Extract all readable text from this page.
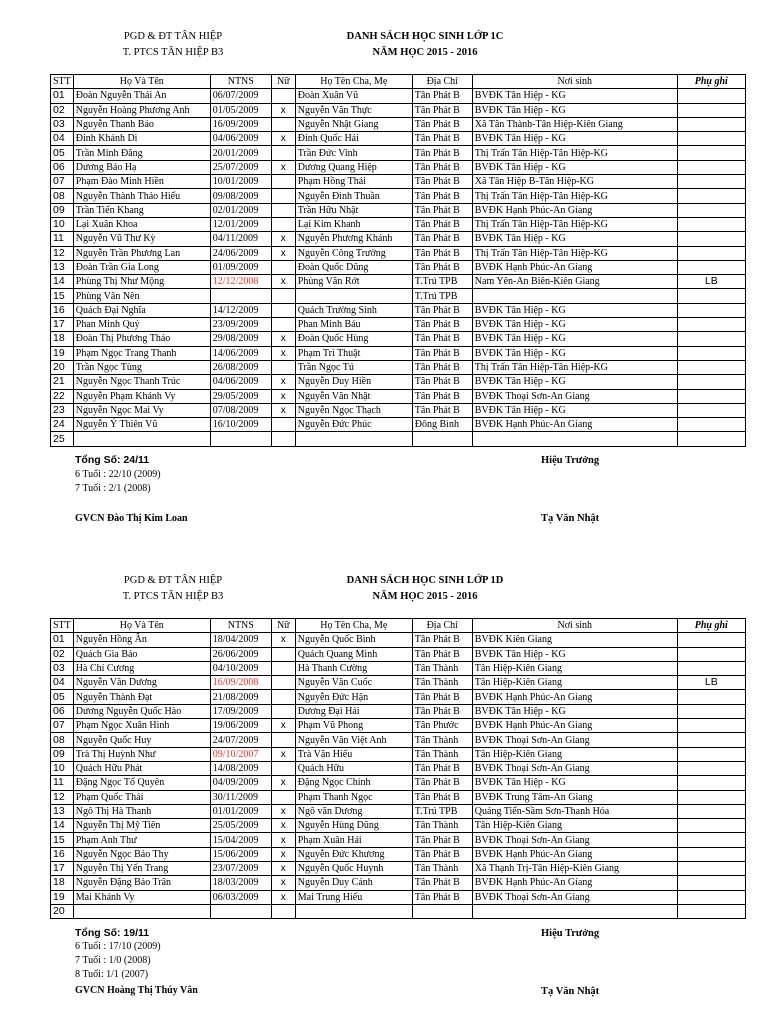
PGD & ĐT TÂN HIỆP
T. PTCS TÂN HIỆP B3
DANH SÁCH HỌC SINH LỚP 1C
NĂM HỌC 2015 - 2016
STT	Họ Và Tên	NTNS	Nữ	Họ Tên Cha, Mẹ	Địa Chỉ	Nơi sinh	Phụ ghi
01	Đoàn Nguyễn Thái An	06/07/2009		Đoàn Xuân Vũ	Tân Phát B	BVĐK Tân Hiệp - KG	
02	Nguyễn Hoàng Phương Anh	01/05/2009	x	Nguyễn Văn Thực	Tân Phát B	BVĐK Tân Hiệp - KG	
03	Nguyễn Thanh Bảo	16/09/2009		Nguyễn Nhật Giang	Tân Phát B	Xã Tân Thành-Tân Hiệp-Kiên Giang	
04	Đinh Khánh Di	04/06/2009	x	Đinh Quốc Hải	Tân Phát B	BVĐK Tân Hiệp - KG	
05	Trần Minh Đăng	20/01/2009		Trần Đức Vinh	Tân Phát B	Thị Trấn Tân Hiệp-Tân Hiệp-KG	
06	Dương Bảo Hạ	25/07/2009	x	Dương Quang Hiệp	Tân Phát B	BVĐK Tân Hiệp - KG	
07	Phạm Đào Minh Hiền	10/01/2009		Phạm Hồng Thái	Tân Phát B	Xã Tân Hiệp B-Tân Hiệp-KG	
08	Nguyễn Thành Thảo Hiếu	09/08/2009		Nguyễn Đình Thuần	Tân Phát B	Thị Trấn Tân Hiệp-Tân Hiệp-KG	
09	Trần Tiến Khang	02/01/2009		Trần Hữu Nhật	Tân Phát B	BVĐK Hạnh Phúc-An Giang	
10	Lại Xuân Khoa	12/01/2009		Lại Kim Khanh	Tân Phát B	Thị Trấn Tân Hiệp-Tân Hiệp-KG	
11	Nguyễn Vũ Thư Kỳ	04/11/2009	x	Nguyễn Phương Khánh	Tân Phát B	BVĐK Tân Hiệp - KG	
12	Nguyễn Trần Phương Lan	24/06/2009	x	Nguyễn Công Trường	Tân Phát B	Thị Trấn Tân Hiệp-Tân Hiệp-KG	
13	Đoàn Trần Gia Long	01/09/2009		Đoàn Quốc Dũng	Tân Phát B	BVĐK Hạnh Phúc-An Giang	
14	Phùng Thị Như Mộng	12/12/2008	x	Phùng Văn Rớt	T.Trú TPB	Nam Yên-An Biên-Kiên Giang	LB
15	Phùng Văn Nên				T.Trú TPB		
16	Quách Đại Nghĩa	14/12/2009		Quách Trường Sinh	Tân Phát B	BVĐK Tân Hiệp - KG	
17	Phan Minh Quý	23/09/2009		Phan Minh Báu	Tân Phát B	BVĐK Tân Hiệp - KG	
18	Đoàn Thị Phương Thảo	29/08/2009	x	Đoàn Quốc Hùng	Tân Phát B	BVĐK Tân Hiệp - KG	
19	Phạm Ngọc Trang Thanh	14/06/2009	x	Phạm Trí Thuật	Tân Phát B	BVĐK Tân Hiệp - KG	
20	Trần Ngọc Tùng	26/08/2009		Trần Ngọc Tú	Tân Phát B	Thị Trấn Tân Hiệp-Tân Hiệp-KG	
21	Nguyễn Ngọc Thanh Trúc	04/06/2009	x	Nguyễn Duy Hiền	Tân Phát B	BVĐK Tân Hiệp - KG	
22	Nguyễn Phạm Khánh Vy	29/05/2009	x	Nguyễn Văn Nhật	Tân Phát B	BVĐK Thoại Sơn-An Giang	
23	Nguyễn Ngọc Mai Vy	07/08/2009	x	Nguyễn Ngọc Thạch	Tân Phát B	BVĐK Tân Hiệp - KG	
24	Nguyễn Ý Thiên Vũ	16/10/2009		Nguyễn Đức Phúc	Đông Bình	BVĐK Hạnh Phúc-An Giang	
25							
Tổng Số: 24/11
6 Tuổi : 22/10 (2009)
7 Tuổi : 2/1 (2008)
GVCN Đào Thị Kim Loan
Hiệu Trưởng
Tạ Văn Nhật
PGD & ĐT TÂN HIỆP
T. PTCS TÂN HIỆP B3
DANH SÁCH HỌC SINH LỚP 1D
NĂM HỌC 2015 - 2016
STT	Họ Và Tên	NTNS	Nữ	Họ Tên Cha, Mẹ	Địa Chỉ	Nơi sinh	Phụ ghi
01	Nguyễn Hồng Ân	18/04/2009	x	Nguyễn Quốc Bình	Tân Phát B	BVĐK Kiên Giang	
02	Quách Gia Bảo	26/06/2009		Quách Quang Minh	Tân Phát B	BVĐK Tân Hiệp - KG	
03	Hà Chí Cương	04/10/2009		Hà Thanh Cường	Tân Thành	Tân Hiệp-Kiên Giang	
04	Nguyễn Văn Dương	16/09/2008		Nguyễn Văn Cuốc	Tân Thành	Tân Hiệp-Kiên Giang	LB
05	Nguyễn Thành Đạt	21/08/2009		Nguyễn Đức Hận	Tân Phát B	BVĐK Hạnh Phúc-An Giang	
06	Dương Nguyễn Quốc Hào	17/09/2009		Dương Đại Hải	Tân Phát B	BVĐK Tân Hiệp - KG	
07	Phạm Ngọc Xuân Hinh	19/06/2009	x	Phạm Vũ Phong	Tân Phước	BVĐK Hạnh Phúc-An Giang	
08	Nguyễn Quốc Huy	24/07/2009		Nguyễn Văn Việt Anh	Tân Thành	BVĐK Thoại Sơn-An Giang	
09	Trà Thị Huỳnh Như	09/10/2007	x	Trà Văn Hiếu	Tân Thành	Tân Hiệp-Kiên Giang	
10	Quách Hữu Phát	14/08/2009		Quách Hữu	Tân Phát B	BVĐK Thoại Sơn-An Giang	
11	Đặng Ngọc Tố Quyên	04/09/2009	x	Đặng Ngọc Chính	Tân Phát B	BVĐK Tân Hiệp - KG	
12	Phạm Quốc Thái	30/11/2009		Phạm Thanh Ngọc	Tân Phát B	BVĐK Trung Tâm-An Giang	
13	Ngô Thị Hà Thanh	01/01/2009	x	Ngô văn Dương	T.Trú TPB	Quảng Tiến-Sầm Sơn-Thanh Hóa	
14	Nguyễn Thị Mỹ Tiên	25/05/2009	x	Nguyễn Hùng Dũng	Tân Thành	Tân Hiệp-Kiên Giang	
15	Phạm Anh Thư	15/04/2009	x	Phạm Xuân Hải	Tân Phát B	BVĐK Thoại Sơn-An Giang	
16	Nguyễn Ngọc Bảo Thy	15/06/2009	x	Nguyễn Đức Khương	Tân Phát B	BVĐK Hạnh Phúc-An Giang	
17	Nguyễn Thị Yến Trang	23/07/2009	x	Nguyễn Quốc Huynh	Tân Thành	Xã Thạnh Trị-Tân Hiệp-Kiên Giang	
18	Nguyễn Đặng Bảo Trân	18/03/2009	x	Nguyễn Duy Cảnh	Tân Phát B	BVĐK Hạnh Phúc-An Giang	
19	Mai Khánh Vy	06/03/2009	x	Mai Trung Hiếu	Tân Phát B	BVĐK Thoại Sơn-An Giang	
20							
Tổng Số: 19/11
6 Tuổi : 17/10 (2009)
7 Tuổi : 1/0 (2008)
8 Tuổi: 1/1 (2007)
GVCN Hoàng Thị Thúy Vân
Hiệu Trưởng
Tạ Văn Nhật
